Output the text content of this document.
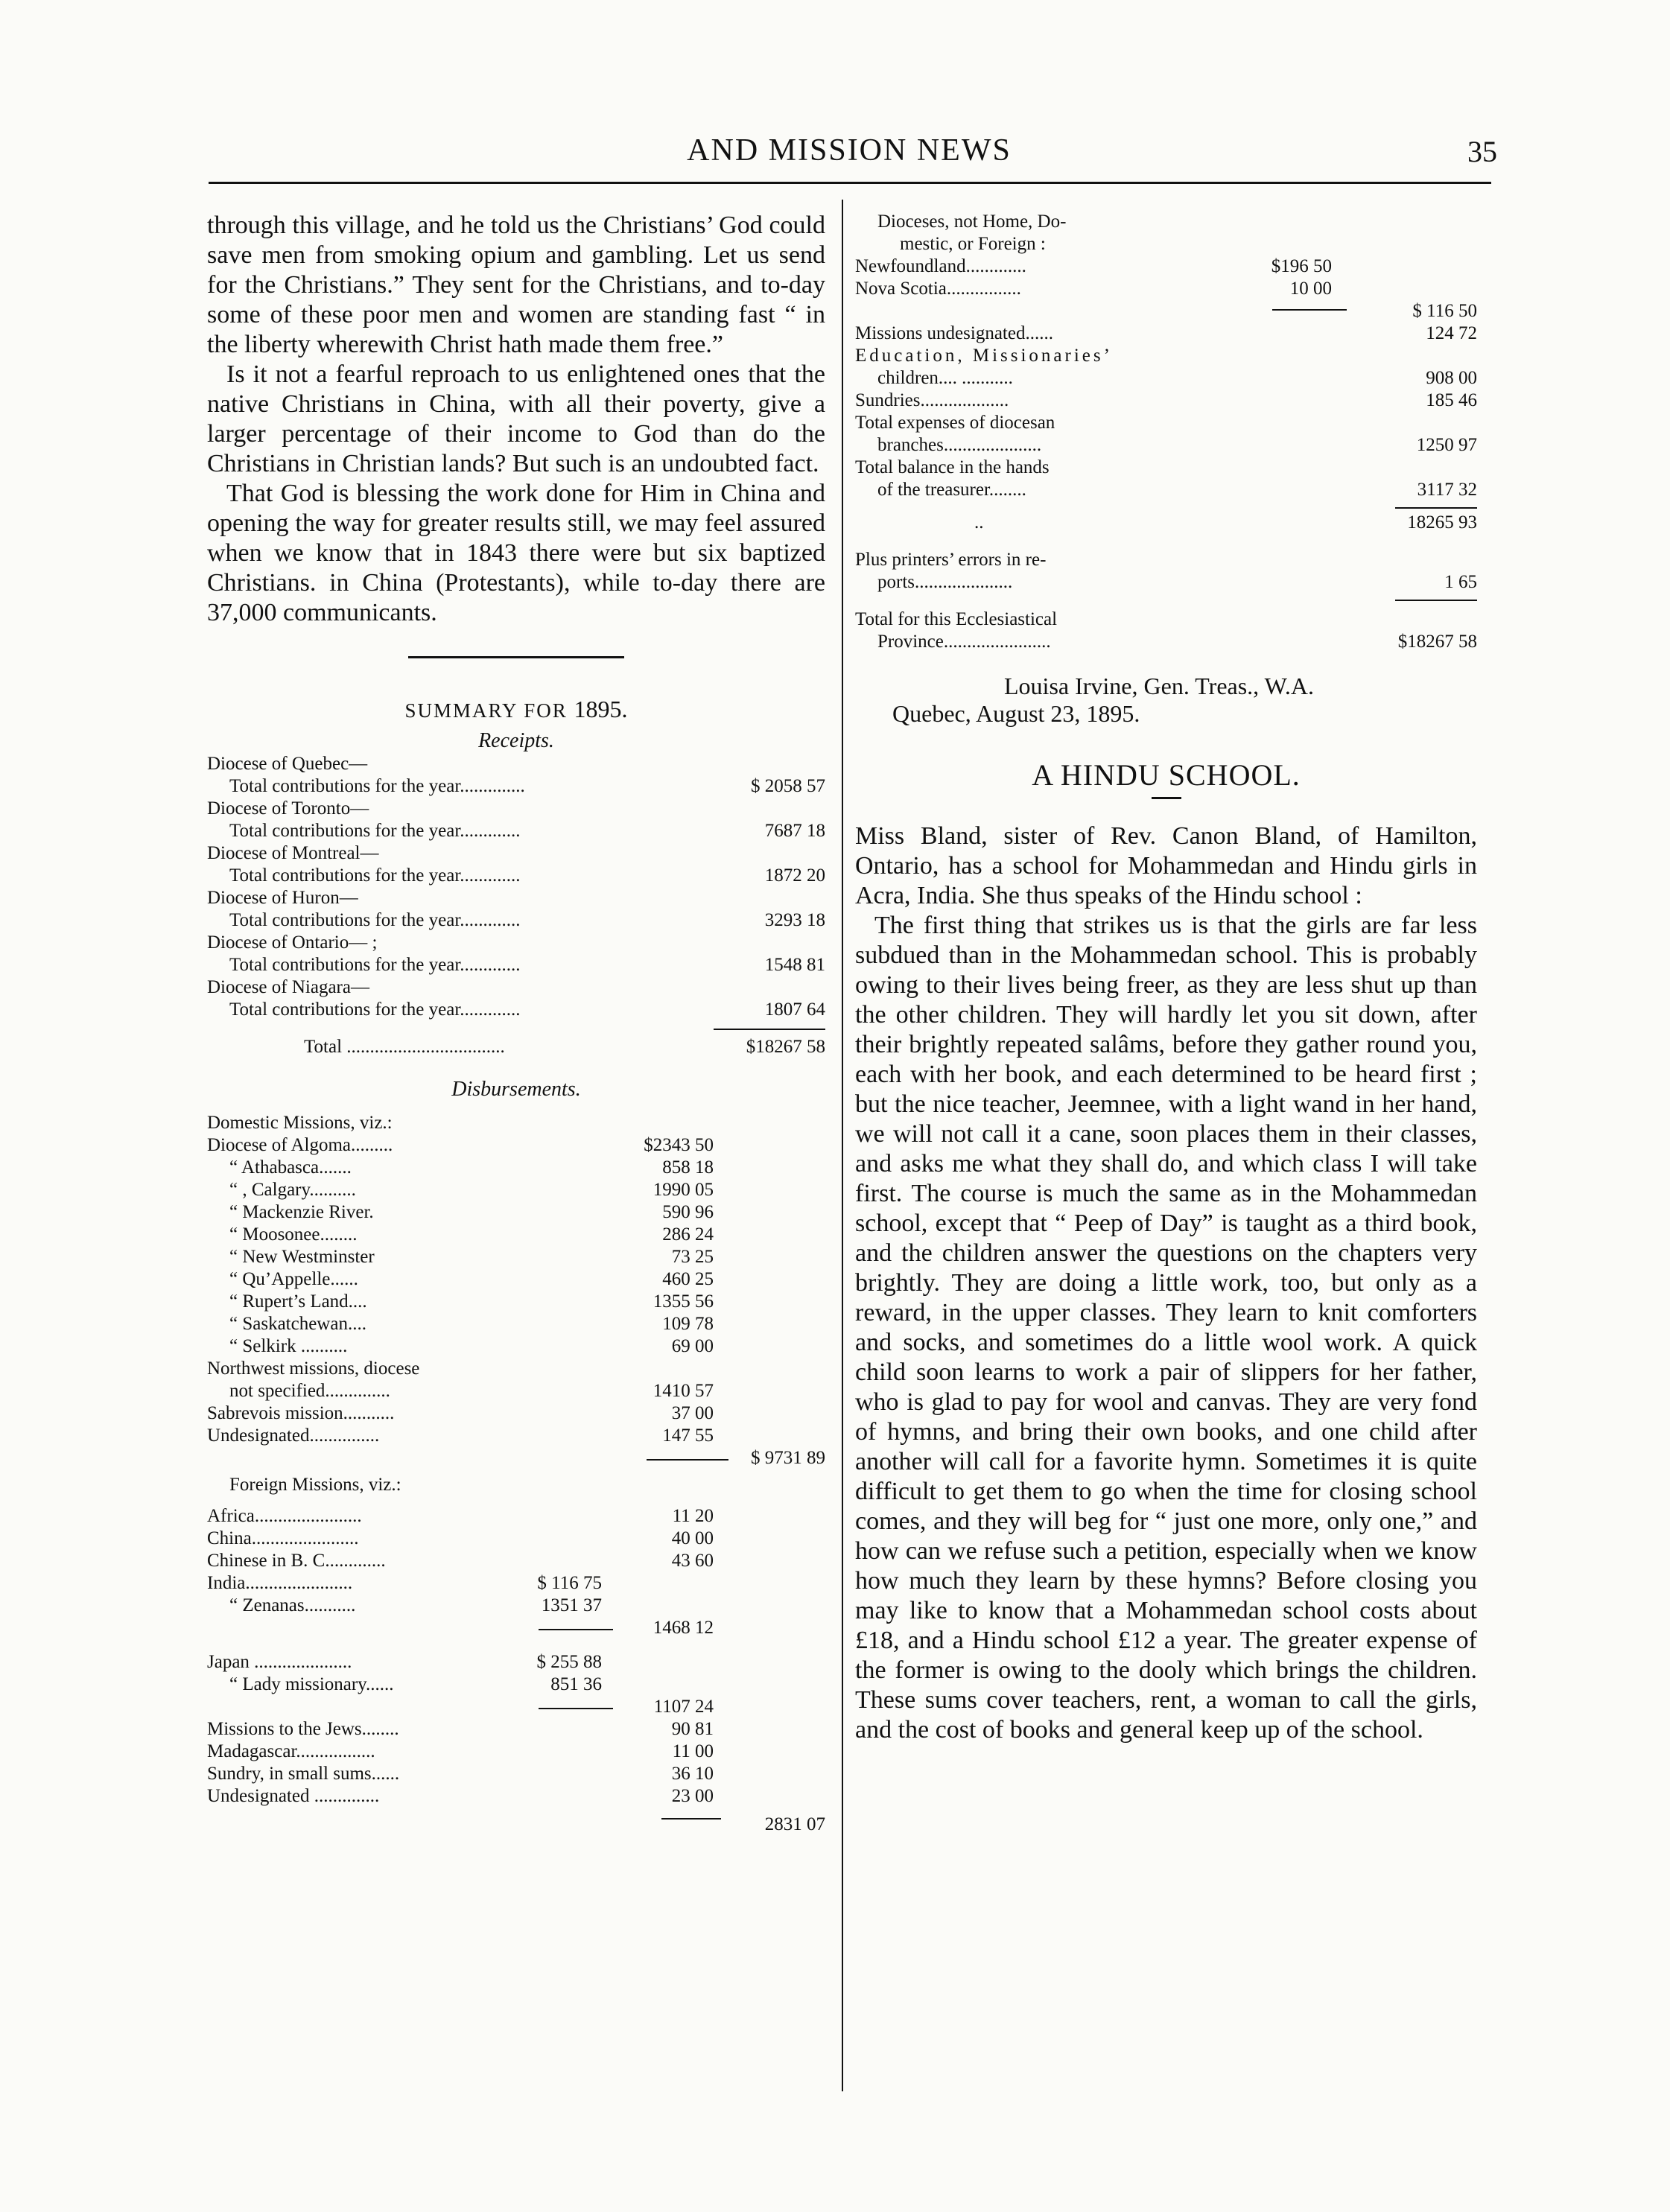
AND MISSION NEWS	35

through this village, and he told us the Christians’ God could save men from smoking opium and gambling. Let us send for the Christians.” They sent for the Christians, and to-day some of these poor men and women are standing fast “ in the liberty wherewith Christ hath made them free.”

Is it not a fearful reproach to us enlightened ones that the native Christians in China, with all their poverty, give a larger percentage of their income to God than do the Christians in Christian lands? But such is an undoubted fact.

That God is blessing the work done for Him in China and opening the way for greater results still, we may feel assured when we know that in 1843 there were but six baptized Christians. in China (Protestants), while to-day there are 37,000 communicants.

SUMMARY FOR 1895.
Receipts.
Diocese of Quebec—
Total contributions for the year..............	$ 2058 57
Diocese of Toronto—
Total contributions for the year.............	7687 18
Diocese of Montreal—
Total contributions for the year.............	1872 20
Diocese of Huron—
Total contributions for the year.............	3293 18
Diocese of Ontario— ;
Total contributions for the year.............	1548 81
Diocese of Niagara—
Total contributions for the year.............	1807 64
Total ..................................	$18267 58
Disbursements.
Domestic Missions, viz.:
Diocese of Algoma.........	$2343 50
“ Athabasca.......	858 18
“ , Calgary..........	1990 05
“ Mackenzie River.	590 96
“ Moosonee........	286 24
“ New Westminster	73 25
“ Qu’Appelle......	460 25
“ Rupert’s Land....	1355 56
“ Saskatchewan....	109 78
“ Selkirk ..........	69 00
Northwest missions, diocese
not specified..............	1410 57
Sabrevois mission...........	37 00
Undesignated...............	147 55
$ 9731 89
Foreign Missions, viz.:
Africa.......................	11 20
China.......................	40 00
Chinese in B. C.............	43 60
India.......................	$ 116 75
“ Zenanas...........	1351 37
1468 12
Japan .....................	$ 255 88
“ Lady missionary......	851 36
1107 24
Missions to the Jews........	90 81
Madagascar.................	11 00
Sundry, in small sums......	36 10
Undesignated ..............	23 00
2831 07
Dioceses, not Home, Do-
mestic, or Foreign :
Newfoundland.............	$196 50
Nova Scotia................	10 00
$ 116 50
Missions undesignated......	124 72
Education, Missionaries’
children.... ...........	908 00
Sundries...................	185 46
Total expenses of diocesan
branches.....................	1250 97
Total balance in the hands
of the treasurer........	3117 32
..	18265 93
Plus printers’ errors in re-
ports.....................	1 65
Total for this Ecclesiastical
Province.......................	$18267 58
Louisa Irvine, Gen. Treas., W.A.
Quebec, August 23, 1895.
A HINDU SCHOOL.

Miss Bland, sister of Rev. Canon Bland, of Hamilton, Ontario, has a school for Mohammedan and Hindu girls in Acra, India. She thus speaks of the Hindu school :

The first thing that strikes us is that the girls are far less subdued than in the Mohammedan school. This is probably owing to their lives being freer, as they are less shut up than the other children. They will hardly let you sit down, after their brightly repeated salâms, before they gather round you, each with her book, and each determined to be heard first ; but the nice teacher, Jeemnee, with a light wand in her hand, we will not call it a cane, soon places them in their classes, and asks me what they shall do, and which class I will take first. The course is much the same as in the Mohammedan school, except that “ Peep of Day” is taught as a third book, and the children answer the questions on the chapters very brightly. They are doing a little work, too, but only as a reward, in the upper classes. They learn to knit comforters and socks, and sometimes do a little wool work. A quick child soon learns to work a pair of slippers for her father, who is glad to pay for wool and canvas. They are very fond of hymns, and bring their own books, and one child after another will call for a favorite hymn. Sometimes it is quite difficult to get them to go when the time for closing school comes, and they will beg for “ just one more, only one,” and how can we refuse such a petition, especially when we know how much they learn by these hymns? Before closing you may like to know that a Mohammedan school costs about £18, and a Hindu school £12 a year. The greater expense of the former is owing to the dooly which brings the children. These sums cover teachers, rent, a woman to call the girls, and the cost of books and general keep up of the school.
